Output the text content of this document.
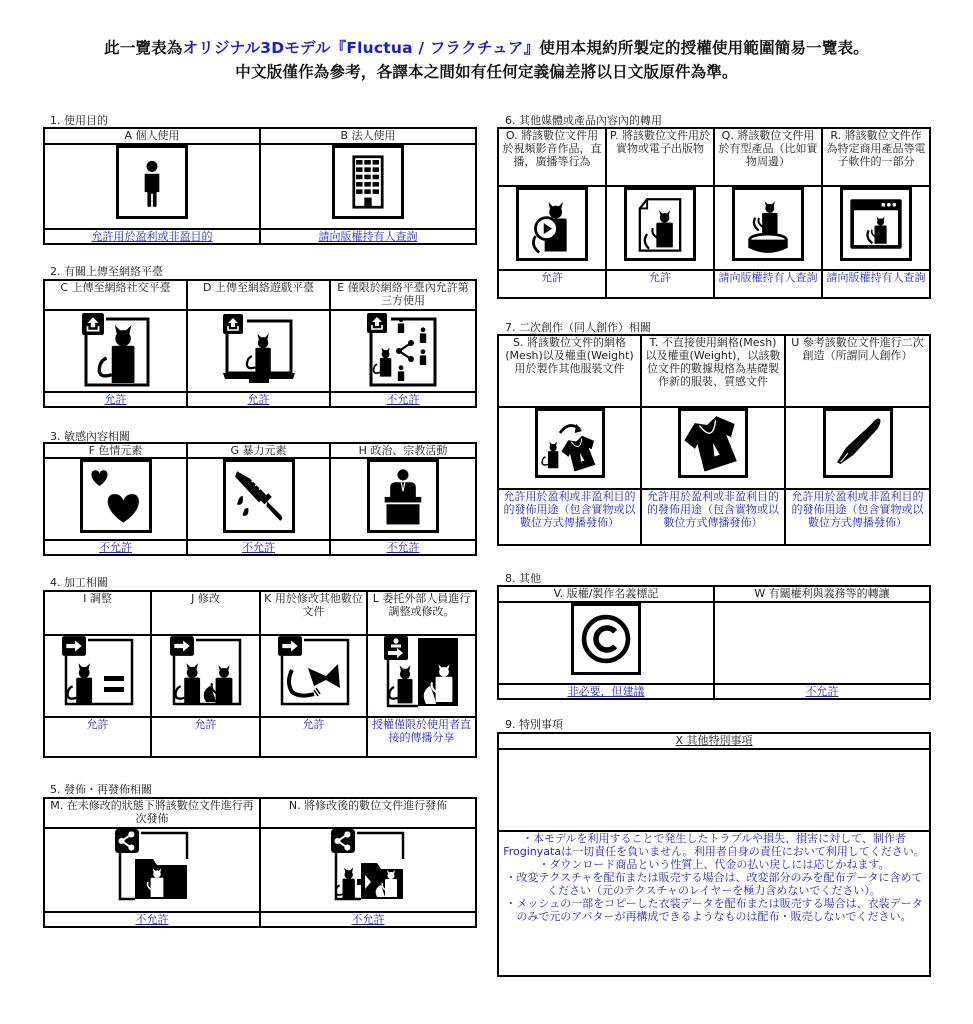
此一覽表為オリジナル3Dモデル『Fluctua / フラクチュア』使用本規約所製定的授權使用範圍簡易一覽表。
中文版僅作為參考，各譯本之間如有任何定義偏差將以日文版原件為準。
1. 使用目的
A 個人使用	B 法人使用

允許用於盈利或非盈目的	請向版權持有人查詢
2. 有關上傳至網絡平臺
C 上傳至網絡社交平臺	D 上傳至網絡遊戲平臺	E 僅限於網絡平臺內允許第三方使用

允許	允許	不允許
3. 敏感內容相關
F 色情元素	G 暴力元素	H 政治、宗教活動

不允許	不允許	不允許
4. 加工相關
I 調整	J 修改	K 用於修改其他數位文件	L 委托外部人員進行調整或修改。

允許	允許	允許	授權僅限於使用者直接的傳播分享
5. 發佈・再發佈相關
M. 在未修改的狀態下將該數位文件進行再次發佈	N. 將修改後的數位文件進行發佈

不允許	不允許
6. 其他媒體或產品內容內的轉用
O. 將該數位文件用於視頻影音作品，直播，廣播等行為	P. 將該數位文件用於實物或電子出版物	Q. 將該數位文件用於有型產品（比如實物周邊）	R. 將該數位文件作為特定商用產品等電子軟件的一部分

允許	允許	請向版權持有人查詢	請向版權持有人查詢
7. 二次創作（同人創作）相關
S. 將該數位文件的網格(Mesh)以及權重(Weight)用於製作其他服裝文件	T. 不直接使用網格(Mesh)以及權重(Weight)，以該數位文件的數據規格為基礎製作新的服裝、質感文件	U 參考該數位文件進行二次創造（所謂同人創作）

允許用於盈利或非盈利目的的發佈用途（包含實物或以數位方式傳播發佈）	允許用於盈利或非盈利目的的發佈用途（包含實物或以數位方式傳播發佈）	允許用於盈利或非盈利目的的發佈用途（包含實物或以數位方式傳播發佈）
8. 其他
V. 版權/製作名義標記	W 有關權利與義務等的轉讓

非必要，但建議	不允許
9. 特別事項
X 其他特別事項

・本モデルを利用することで発生したトラブルや損失、損害に対して、制作者Froginyataは一切責任を負いません。利用者自身の責任において利用してください。
・ダウンロード商品という性質上、代金の払い戻しには応じかねます。
・改変テクスチャを配布または販売する場合は、改変部分のみを配布データに含めてください（元のテクスチャのレイヤーを極力含めないでください）。
・メッシュの一部をコピーした衣装データを配布または販売する場合は、衣装データのみで元のアバターが再構成できるようなものは配布・販売しないでください。
